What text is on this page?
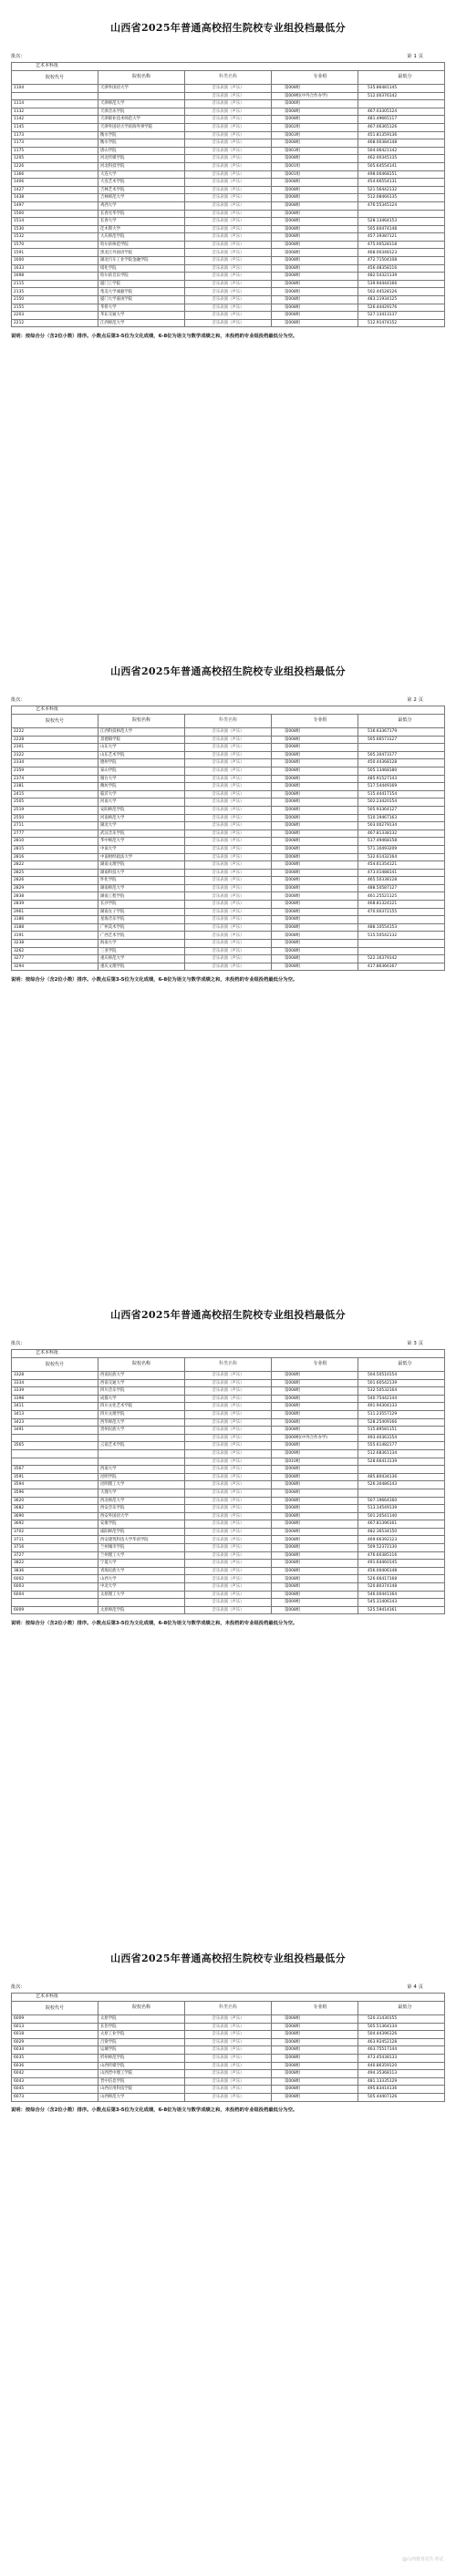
山西省2025年普通高校招生院校专业组投档最低分
批次：	第 1 页
艺术本科批				
院校代号	院校名称	科类名称	专业组	最低分
1104	天津外国语大学	音乐表演（声乐）	第008组	535.86481145
		音乐表演（声乐）	第009组(中外合作办学)	512.00376142
1114	天津师范大学	音乐表演（声乐）	第006组	
1132	天津音乐学院	音乐表演（声乐）	第008组	467.03305124
1142	天津职业技术师范大学	音乐表演（声乐）	第008组	481.49665117
1145	天津外国语大学滨海外事学院	音乐表演（声乐）	第002组	467.06365126
1173	衡水学院	音乐表演（声乐）	第003组	451.81359136
1173	衡水学院	音乐表演（声乐）	第008组	468.00384148
1175	唐山学院	音乐表演（声乐）	第003组	504.06421142
1205	河北传媒学院	音乐表演（声乐）	第008组	462.00345135
1226	河北科技学院	音乐表演（声乐）	第001组	505.64554141
1366	大连大学	音乐表演（声乐）	第001组	498.00468151
1406	大连艺术学院	音乐表演（声乐）	第008组	454.66554131
1427	吉林艺术学院	音乐表演（声乐）	第008组	521.56442132
1438	吉林师范大学	音乐表演（声乐）	第008组	512.08466135
1497	鸡西大学	音乐表演（声乐）	第008组	476.55345124
1500	长春光华学院	音乐表演（声乐）	第008组	
1514	长春大学	音乐表演（声乐）	第008组	528.13464153
1530	佳木斯大学	音乐表演（声乐）	第008组	505.60474148
1532	大庆师范学院	音乐表演（声乐）	第008组	457.39387121
1570	哈尔滨师范学院	音乐表演（声乐）	第008组	475.00528118
1591	黑龙江外国语学院	音乐表演（声乐）	第008组	468.00348123
1600	湖北汽车工业学院金融学院	音乐表演（声乐）	第008组	472.71504108
1633	绥化学院	音乐表演（声乐）	第008组	456.48358116
1698	哈尔滨音乐学院	音乐表演（声乐）	第008组	482.54321139
2115	厦门工学院	音乐表演（声乐）	第008组	539.94444166
2135	集美大学诚毅学院	音乐表演（声乐）	第008组	502.44528126
2150	厦门大学嘉庚学院	音乐表演（声乐）	第008组	483.11934125
2155	华侨大学	音乐表演（声乐）	第008组	526.44429176
2203	华东交通大学	音乐表演（声乐）	第008组	527.13413137
2212	江西师范大学	音乐表演（声乐）	第008组	512.91474152
说明：按综合分（含2位小数）排序。小数点后第3-5位为文化成绩，6-8位为语文与数学成绩之和，未投档的专业组投档最低分为空。
山西省2025年普通高校招生院校专业组投档最低分
批次：	第 2 页
艺术本科批				
院校代号	院校名称	科类名称	专业组	最低分
2222	江西科技师范大学	音乐表演（声乐）	第008组	516.63367179
2228	景德镇学院	音乐表演（声乐）	第008组	505.66573127
2301	山东大学	音乐表演（声乐）	第008组	
2322	山东艺术学院	音乐表演（声乐）	第008组	505.30473177
2334	德州学院	音乐表演（声乐）	第008组	450.44368128
2359	泰山学院	音乐表演（声乐）	第008组	505.13468180
2374	烟台大学	音乐表演（声乐）	第008组	485.91527143
2381	潍坊学院	音乐表演（声乐）	第008组	517.54449169
2415	临沂大学	音乐表演（声乐）	第008组	515.44417154
2505	河南大学	音乐表演（声乐）	第008组	502.23420154
2519	安阳师范学院	音乐表演（声乐）	第008组	505.93364127
2550	河南师范大学	音乐表演（声乐）	第008组	510.19467163
2711	湖北大学	音乐表演（声乐）	第008组	503.00279134
2777	武汉音乐学院	音乐表演（声乐）	第008组	467.81338132
2810	华中师范大学	音乐表演（声乐）	第008组	517.49468158
2815	中南大学	音乐表演（声乐）	第008组	571.10493209
2816	中南财经政法大学	音乐表演（声乐）	第008组	532.61432164
2822	湖南文理学院	音乐表演（声乐）	第008组	454.61354121
2825	湖南科技大学	音乐表演（声乐）	第008组	473.01488141
2826	怀化学院	音乐表演（声乐）	第008组	465.50338128
2829	湖南师范大学	音乐表演（声乐）	第008组	488.50587127
2838	湖南工程学院	音乐表演（声乐）	第008组	461.25521125
2839	长沙学院	音乐表演（声乐）	第008组	468.81324121
2961	湖南女子学院	音乐表演（声乐）	第008组	470.00372155
3186	星海音乐学院	音乐表演（声乐）	第008组	
3188	广州美术学院	音乐表演（声乐）	第008组	488.10554153
3191	广西艺术学院	音乐表演（声乐）	第008组	515.50542132
3238	海南大学	音乐表演（声乐）	第008组	
3262	三亚学院	音乐表演（声乐）	第008组	
3277	重庆师范大学	音乐表演（声乐）	第008组	522.16379142
3294	重庆文理学院	音乐表演（声乐）	第008组	417.86366167
说明：按综合分（含2位小数）排序。小数点后第3-5位为文化成绩，6-8位为语文与数学成绩之和，未投档的专业组投档最低分为空。
山西省2025年普通高校招生院校专业组投档最低分
批次：	第 3 页
艺术本科批				
院校代号	院校名称	科类名称	专业组	最低分
3328	西南民族大学	音乐表演（声乐）	第008组	504.50510154
3334	西南交通大学	音乐表演（声乐）	第008组	501.60542139
3339	四川音乐学院	音乐表演（声乐）	第008组	532.50532164
3398	成都大学	音乐表演（声乐）	第008组	540.75442144
3411	四川文化艺术学院	音乐表演（声乐）	第008组	491.94304133
3413	四川文理学院	音乐表演（声乐）	第008组	511.23557129
3423	西华师范大学	音乐表演（声乐）	第008组	528.25409166
3491	贵州民族大学	音乐表演（声乐）	第008组	515.89581151
		音乐表演（声乐）	第009组(中外合作办学)	493.40363154
3565	云南艺术学院	音乐表演（声乐）	第008组	555.61482177
		音乐表演（声乐）	第009组	512.68361134
		音乐表演（声乐）	第010组	528.66413139
3567	西南大学	音乐表演（声乐）	第008组	
3591	昆明学院	音乐表演（声乐）	第008组	485.80434136
3594	昆明理工大学	音乐表演（声乐）	第008组	526.30486143
3596	大理大学	音乐表演（声乐）	第008组	
3620	西北师范大学	音乐表演（声乐）	第008组	507.19664160
3682	西安音乐学院	音乐表演（声乐）	第008组	513.34549139
3690	西安外国语大学	音乐表演（声乐）	第008组	501.20541140
3692	安康学院	音乐表演（声乐）	第008组	467.81396161
3702	咸阳师范学院	音乐表演（声乐）	第008组	482.36534150
3711	西安建筑科技大学华清学院	音乐表演（声乐）	第008组	469.66392123
3716	兰州城市学院	音乐表演（声乐）	第008组	509.52372130
3727	兰州理工大学	音乐表演（声乐）	第008组	476.60385116
3822	宁夏大学	音乐表演（声乐）	第008组	491.64460145
3836	青海民族大学	音乐表演（声乐）	第008组	456.00406148
6002	山西大学	音乐表演（声乐）	第008组	526.66417168
6003	中北大学	音乐表演（声乐）	第008组	520.80374148
6004	太原理工大学	音乐表演（声乐）	第008组	546.00441164
		音乐表演（声乐）	第009组	545.31406143
6009	太原师范学院	音乐表演（声乐）	第008组	525.59414161
说明：按综合分（含2位小数）排序。小数点后第3-5位为文化成绩，6-8位为语文与数学成绩之和，未投档的专业组投档最低分为空。
山西省2025年普通高校招生院校专业组投档最低分
批次：	第 4 页
艺术本科批				
院校代号	院校名称	科类名称	专业组	最低分
6009	太原学院	音乐表演（声乐）	第008组	520.31430155
6013	长治学院	音乐表演（声乐）	第008组	505.51364134
6018	太原工业学院	音乐表演（声乐）	第008组	504.44396126
6029	吕梁学院	音乐表演（声乐）	第008组	463.92452128
6034	运城学院	音乐表演（声乐）	第008组	463.75517144
6035	忻州师范学院	音乐表演（声乐）	第008组	473.45438133
6036	山西传媒学院	音乐表演（声乐）	第008组	440.86359120
6042	山西晋中理工学院	音乐表演（声乐）	第008组	494.35368113
6043	晋中信息学院	音乐表演（声乐）	第008组	481.13335129
6045	山西应用科技学院	音乐表演（声乐）	第008组	495.83414136
6073	山西师范大学	音乐表演（声乐）	第008组	505.44407126
说明：按综合分（含2位小数）排序。小数点后第3-5位为文化成绩，6-8位为语文与数学成绩之和，未投档的专业组投档最低分为空。
@山西教育招生考试
